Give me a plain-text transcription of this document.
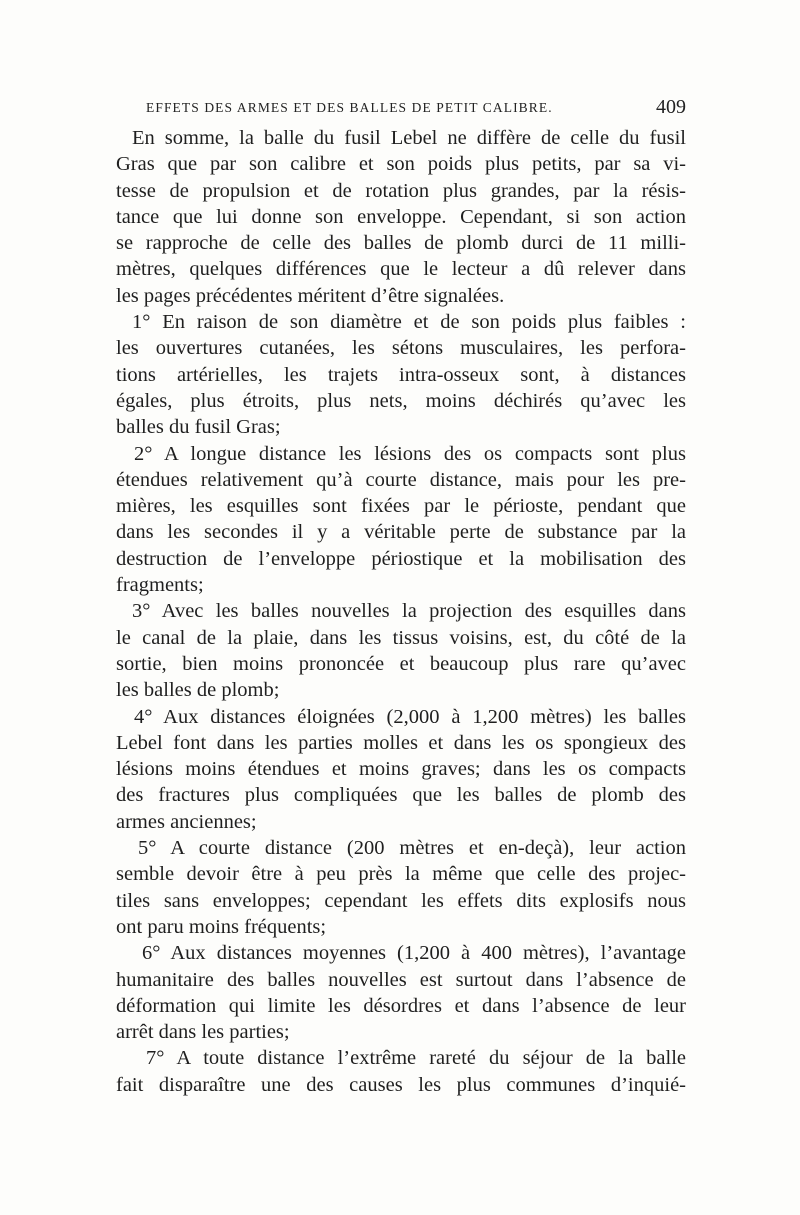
EFFETS DES ARMES ET DES BALLES DE PETIT CALIBRE.	409
En somme, la balle du fusil Lebel ne diffère de celle du fusil
Gras que par son calibre et son poids plus petits, par sa vi-
tesse de propulsion et de rotation plus grandes, par la résis-
tance que lui donne son enveloppe. Cependant, si son action
se rapproche de celle des balles de plomb durci de 11 milli-
mètres, quelques différences que le lecteur a dû relever dans
les pages précédentes méritent d’être signalées.
1° En raison de son diamètre et de son poids plus faibles :
les ouvertures cutanées, les sétons musculaires, les perfora-
tions artérielles, les trajets intra-osseux sont, à distances
égales, plus étroits, plus nets, moins déchirés qu’avec les
balles du fusil Gras;
2° A longue distance les lésions des os compacts sont plus
étendues relativement qu’à courte distance, mais pour les pre-
mières, les esquilles sont fixées par le périoste, pendant que
dans les secondes il y a véritable perte de substance par la
destruction de l’enveloppe périostique et la mobilisation des
fragments;
3° Avec les balles nouvelles la projection des esquilles dans
le canal de la plaie, dans les tissus voisins, est, du côté de la
sortie, bien moins prononcée et beaucoup plus rare qu’avec
les balles de plomb;
4° Aux distances éloignées (2,000 à 1,200 mètres) les balles
Lebel font dans les parties molles et dans les os spongieux des
lésions moins étendues et moins graves; dans les os compacts
des fractures plus compliquées que les balles de plomb des
armes anciennes;
5° A courte distance (200 mètres et en-deçà), leur action
semble devoir être à peu près la même que celle des projec-
tiles sans enveloppes; cependant les effets dits explosifs nous
ont paru moins fréquents;
6° Aux distances moyennes (1,200 à 400 mètres), l’avantage
humanitaire des balles nouvelles est surtout dans l’absence de
déformation qui limite les désordres et dans l’absence de leur
arrêt dans les parties;
7° A toute distance l’extrême rareté du séjour de la balle
fait disparaître une des causes les plus communes d’inquié-
